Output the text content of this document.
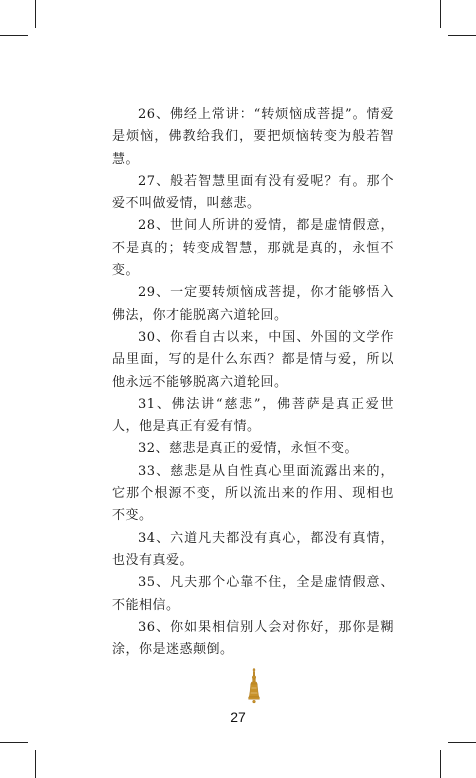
26、佛经上常讲：“转烦恼成菩提”。情爱是烦恼，佛教给我们，要把烦恼转变为般若智慧。

27、般若智慧里面有没有爱呢？有。那个爱不叫做爱情，叫慈悲。

28、世间人所讲的爱情，都是虚情假意，不是真的；转变成智慧，那就是真的，永恒不变。

29、一定要转烦恼成菩提，你才能够悟入佛法，你才能脱离六道轮回。

30、你看自古以来，中国、外国的文学作品里面，写的是什么东西？都是情与爱，所以他永远不能够脱离六道轮回。

31、佛法讲“慈悲”，佛菩萨是真正爱世人，他是真正有爱有情。

32、慈悲是真正的爱情，永恒不变。

33、慈悲是从自性真心里面流露出来的，它那个根源不变，所以流出来的作用、现相也不变。

34、六道凡夫都没有真心，都没有真情，也没有真爱。

35、凡夫那个心靠不住，全是虚情假意、不能相信。

36、你如果相信别人会对你好，那你是糊涂，你是迷惑颠倒。

27
